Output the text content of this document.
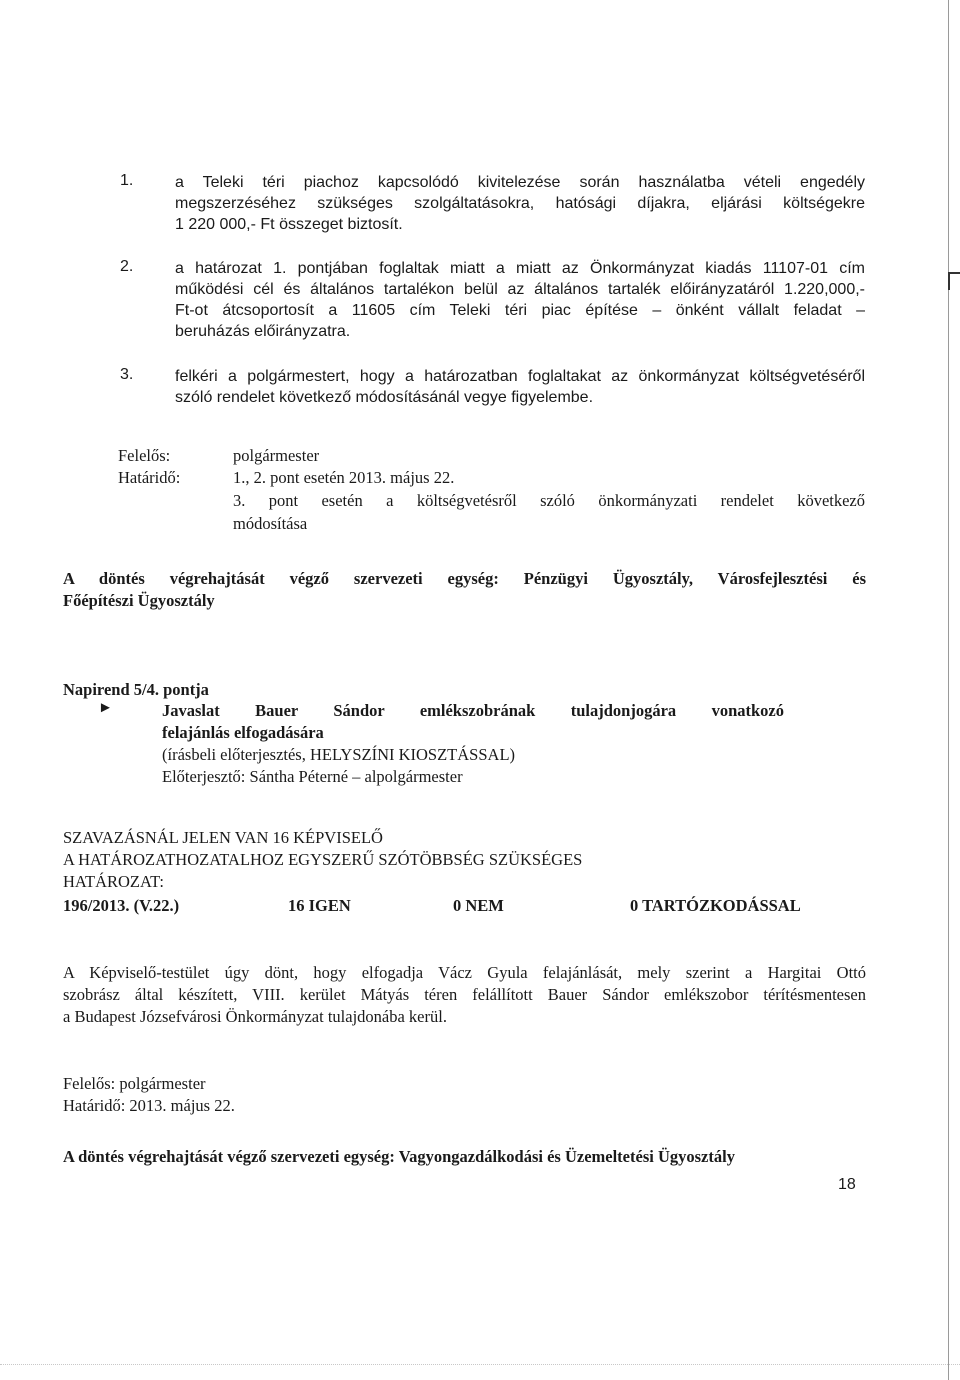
1.	a Teleki téri piachoz kapcsolódó kivitelezése során használatba vételi engedély
megszerzéséhez szükséges szolgáltatásokra, hatósági díjakra, eljárási költségekre
1 220 000,- Ft összeget biztosít.
2.	a határozat 1. pontjában foglaltak miatt a miatt az Önkormányzat kiadás 11107-01 cím
működési cél és általános tartalékon belül az általános tartalék előirányzatáról 1.220,000,-
Ft-ot átcsoportosít a 11605 cím Teleki téri piac építése – önként vállalt feladat –
beruházás előirányzatra.
3.	felkéri a polgármestert, hogy a határozatban foglaltakat az önkormányzat költségvetéséről
szóló rendelet következő módosításánál vegye figyelembe.
Felelős:	polgármester
Határidő:	1., 2. pont esetén 2013. május 22.
3. pont esetén a költségvetésről szóló önkormányzati rendelet következő
módosítása
A döntés végrehajtását végző szervezeti egység: Pénzügyi Ügyosztály, Városfejlesztési és
Főépítészi Ügyosztály
Napirend 5/4. pontja
►	Javaslat Bauer Sándor emlékszobrának tulajdonjogára vonatkozó
felajánlás elfogadására
(írásbeli előterjesztés, HELYSZÍNI KIOSZTÁSSAL)
Előterjesztő: Sántha Péterné – alpolgármester
SZAVAZÁSNÁL JELEN VAN 16 KÉPVISELŐ
A HATÁROZATHOZATALHOZ EGYSZERŰ SZÓTÖBBSÉG SZÜKSÉGES
HATÁROZAT:
196/2013. (V.22.)	16 IGEN	0 NEM	0 TARTÓZKODÁSSAL
A Képviselő-testület úgy dönt, hogy elfogadja Vácz Gyula felajánlását, mely szerint a Hargitai Ottó
szobrász által készített, VIII. kerület Mátyás téren felállított Bauer Sándor emlékszobor térítésmentesen
a Budapest Józsefvárosi Önkormányzat tulajdonába kerül.
Felelős: polgármester
Határidő: 2013. május 22.
A döntés végrehajtását végző szervezeti egység: Vagyongazdálkodási és Üzemeltetési Ügyosztály
18
